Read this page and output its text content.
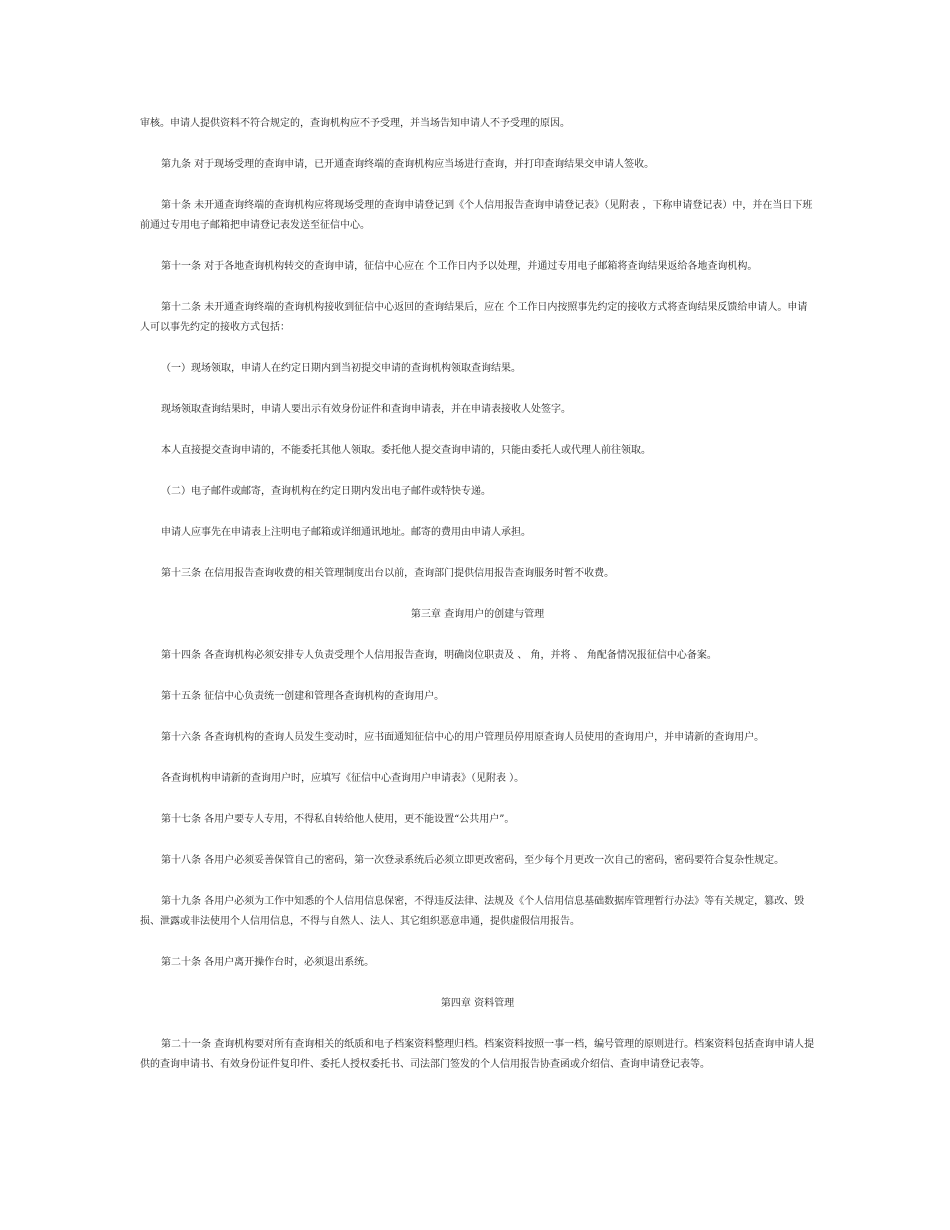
审核。申请人提供资料不符合规定的，查询机构应不予受理，并当场告知申请人不予受理的原因。

第九条 对于现场受理的查询申请，已开通查询终端的查询机构应当场进行查询，并打印查询结果交申请人签收。

第十条 未开通查询终端的查询机构应将现场受理的查询申请登记到《个人信用报告查询申请登记表》（见附表 ，下称申请登记表）中，并在当日下班前通过专用电子邮箱把申请登记表发送至征信中心。

第十一条 对于各地查询机构转交的查询申请，征信中心应在 个工作日内予以处理，并通过专用电子邮箱将查询结果返给各地查询机构。

第十二条 未开通查询终端的查询机构接收到征信中心返回的查询结果后，应在 个工作日内按照事先约定的接收方式将查询结果反馈给申请人。申请人可以事先约定的接收方式包括：

（一）现场领取，申请人在约定日期内到当初提交申请的查询机构领取查询结果。

现场领取查询结果时，申请人要出示有效身份证件和查询申请表，并在申请表接收人处签字。

本人直接提交查询申请的，不能委托其他人领取。委托他人提交查询申请的，只能由委托人或代理人前往领取。

（二）电子邮件或邮寄，查询机构在约定日期内发出电子邮件或特快专递。

申请人应事先在申请表上注明电子邮箱或详细通讯地址。邮寄的费用由申请人承担。

第十三条 在信用报告查询收费的相关管理制度出台以前，查询部门提供信用报告查询服务时暂不收费。

第三章 查询用户的创建与管理

第十四条 各查询机构必须安排专人负责受理个人信用报告查询，明确岗位职责及 、 角，并将 、 角配备情况报征信中心备案。

第十五条 征信中心负责统一创建和管理各查询机构的查询用户。

第十六条 各查询机构的查询人员发生变动时，应书面通知征信中心的用户管理员停用原查询人员使用的查询用户，并申请新的查询用户。

各查询机构申请新的查询用户时，应填写《征信中心查询用户申请表》（见附表 ）。

第十七条 各用户要专人专用，不得私自转给他人使用，更不能设置“公共用户”。

第十八条 各用户必须妥善保管自己的密码，第一次登录系统后必须立即更改密码，至少每个月更改一次自己的密码，密码要符合复杂性规定。

第十九条 各用户必须为工作中知悉的个人信用信息保密，不得违反法律、法规及《个人信用信息基础数据库管理暂行办法》等有关规定，篡改、毁损、泄露或非法使用个人信用信息，不得与自然人、法人、其它组织恶意串通，提供虚假信用报告。

第二十条 各用户离开操作台时，必须退出系统。

第四章 资料管理

第二十一条 查询机构要对所有查询相关的纸质和电子档案资料整理归档。档案资料按照一事一档，编号管理的原则进行。档案资料包括查询申请人提供的查询申请书、有效身份证件复印件、委托人授权委托书、司法部门签发的个人信用报告协查函或介绍信、查询申请登记表等。
